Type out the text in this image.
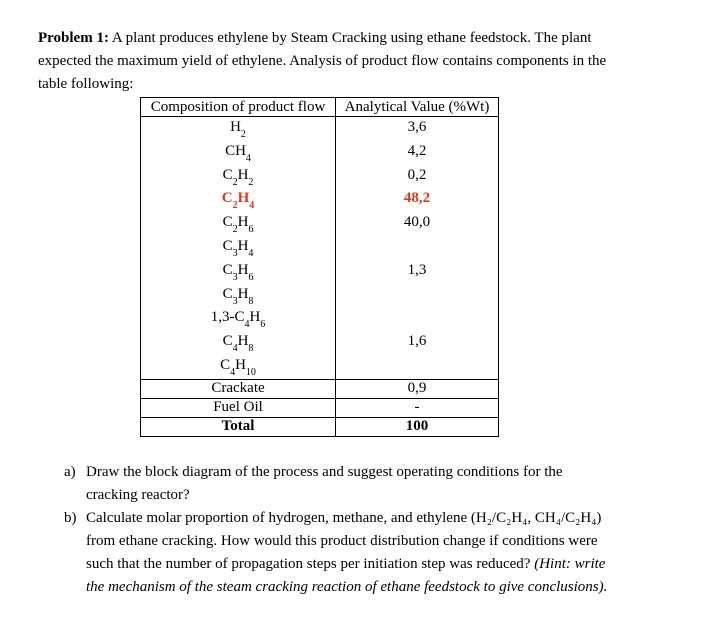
Problem 1: A plant produces ethylene by Steam Cracking using ethane feedstock. The plant expected the maximum yield of ethylene. Analysis of product flow contains components in the table following:

Composition of product flow	Analytical Value (%Wt)
$H_2$	3,6
$CH_4$	4,2
$C_2H_2$	0,2
$C_2H_4$	48,2
$C_2H_6$	40,0
$C_3H_4$	
$C_3H_6$	1,3
$C_3H_8$	
$1,3-C_4H_6$	
$C_4H_8$	1,6
$C_4H_{10}$	
Crackate	0,9
Fuel Oil	-
Total	100
a) Draw the block diagram of the process and suggest operating conditions for the cracking reactor?
b) Calculate molar proportion of hydrogen, methane, and ethylene (H₂/C₂H₄, CH₄/C₂H₄) from ethane cracking. How would this product distribution change if conditions were such that the number of propagation steps per initiation step was reduced? (Hint: write the mechanism of the steam cracking reaction of ethane feedstock to give conclusions).
